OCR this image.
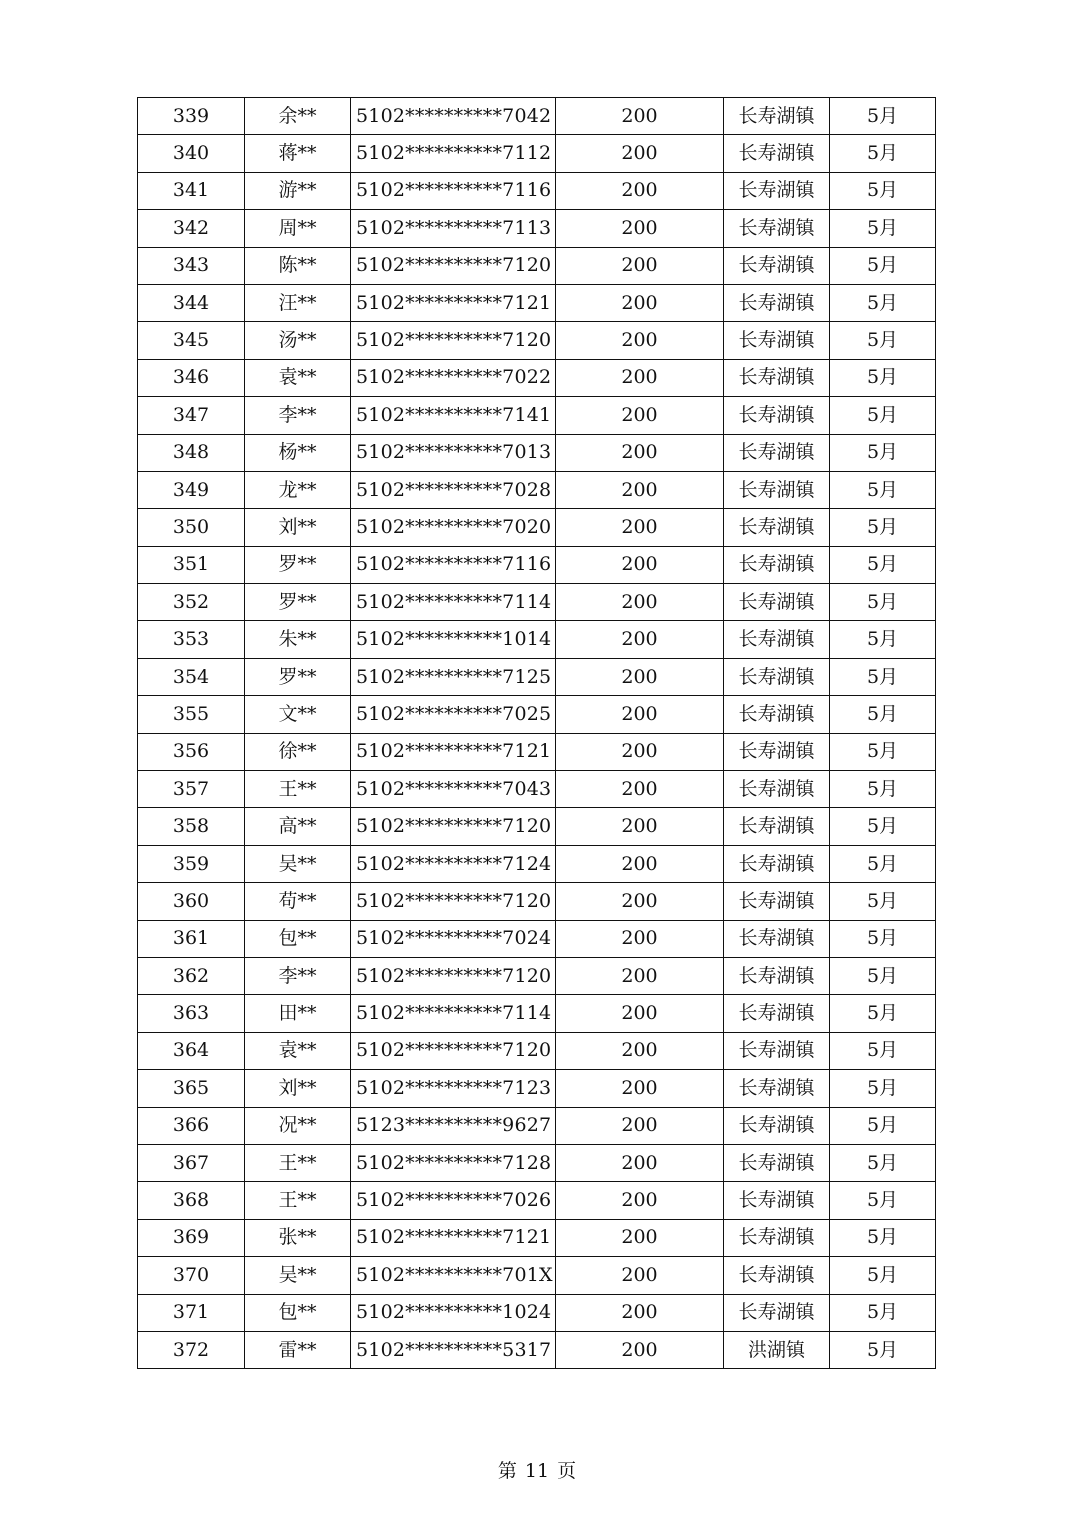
339	余**	5102**********7042	200	长寿湖镇	5月
340	蒋**	5102**********7112	200	长寿湖镇	5月
341	游**	5102**********7116	200	长寿湖镇	5月
342	周**	5102**********7113	200	长寿湖镇	5月
343	陈**	5102**********7120	200	长寿湖镇	5月
344	汪**	5102**********7121	200	长寿湖镇	5月
345	汤**	5102**********7120	200	长寿湖镇	5月
346	袁**	5102**********7022	200	长寿湖镇	5月
347	李**	5102**********7141	200	长寿湖镇	5月
348	杨**	5102**********7013	200	长寿湖镇	5月
349	龙**	5102**********7028	200	长寿湖镇	5月
350	刘**	5102**********7020	200	长寿湖镇	5月
351	罗**	5102**********7116	200	长寿湖镇	5月
352	罗**	5102**********7114	200	长寿湖镇	5月
353	朱**	5102**********1014	200	长寿湖镇	5月
354	罗**	5102**********7125	200	长寿湖镇	5月
355	文**	5102**********7025	200	长寿湖镇	5月
356	徐**	5102**********7121	200	长寿湖镇	5月
357	王**	5102**********7043	200	长寿湖镇	5月
358	高**	5102**********7120	200	长寿湖镇	5月
359	吴**	5102**********7124	200	长寿湖镇	5月
360	苟**	5102**********7120	200	长寿湖镇	5月
361	包**	5102**********7024	200	长寿湖镇	5月
362	李**	5102**********7120	200	长寿湖镇	5月
363	田**	5102**********7114	200	长寿湖镇	5月
364	袁**	5102**********7120	200	长寿湖镇	5月
365	刘**	5102**********7123	200	长寿湖镇	5月
366	况**	5123**********9627	200	长寿湖镇	5月
367	王**	5102**********7128	200	长寿湖镇	5月
368	王**	5102**********7026	200	长寿湖镇	5月
369	张**	5102**********7121	200	长寿湖镇	5月
370	吴**	5102**********701X	200	长寿湖镇	5月
371	包**	5102**********1024	200	长寿湖镇	5月
372	雷**	5102**********5317	200	洪湖镇	5月
第 11 页
